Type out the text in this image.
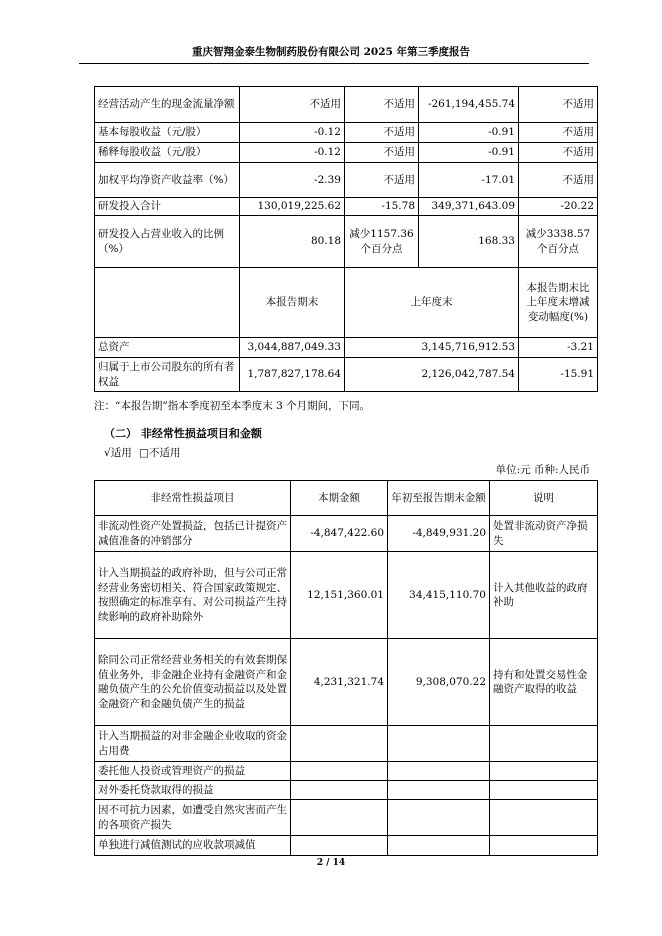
重庆智翔金泰生物制药股份有限公司 2025 年第三季度报告
经营活动产生的现金流量净额	不适用	不适用	-261,194,455.74	不适用
基本每股收益（元/股）	-0.12	不适用	-0.91	不适用
稀释每股收益（元/股）	-0.12	不适用	-0.91	不适用
加权平均净资产收益率（%）	-2.39	不适用	-17.01	不适用
研发投入合计	130,019,225.62	-15.78	349,371,643.09	-20.22
研发投入占营业收入的比例（%）	80.18	减少1157.36个百分点	168.33	减少3338.57个百分点
	本报告期末	上年度末		本报告期末比上年度末增减变动幅度(%)
总资产	3,044,887,049.33	3,145,716,912.53		-3.21
归属于上市公司股东的所有者权益	1,787,827,178.64	2,126,042,787.54		-15.91
注：“本报告期”指本季度初至本季度末 3 个月期间，下同。
（二） 非经常性损益项目和金额
√适用 □不适用
单位:元 币种:人民币
非经常性损益项目	本期金额	年初至报告期末金额	说明
非流动性资产处置损益，包括已计提资产减值准备的冲销部分	-4,847,422.60	-4,849,931.20	处置非流动资产净损失
计入当期损益的政府补助，但与公司正常经营业务密切相关、符合国家政策规定、按照确定的标准享有、对公司损益产生持续影响的政府补助除外	12,151,360.01	34,415,110.70	计入其他收益的政府补助
除同公司正常经营业务相关的有效套期保值业务外，非金融企业持有金融资产和金融负债产生的公允价值变动损益以及处置金融资产和金融负债产生的损益	4,231,321.74	9,308,070.22	持有和处置交易性金融资产取得的收益
计入当期损益的对非金融企业收取的资金占用费			
委托他人投资或管理资产的损益			
对外委托贷款取得的损益			
因不可抗力因素，如遭受自然灾害而产生的各项资产损失			
单独进行减值测试的应收款项减值			
2 / 14
